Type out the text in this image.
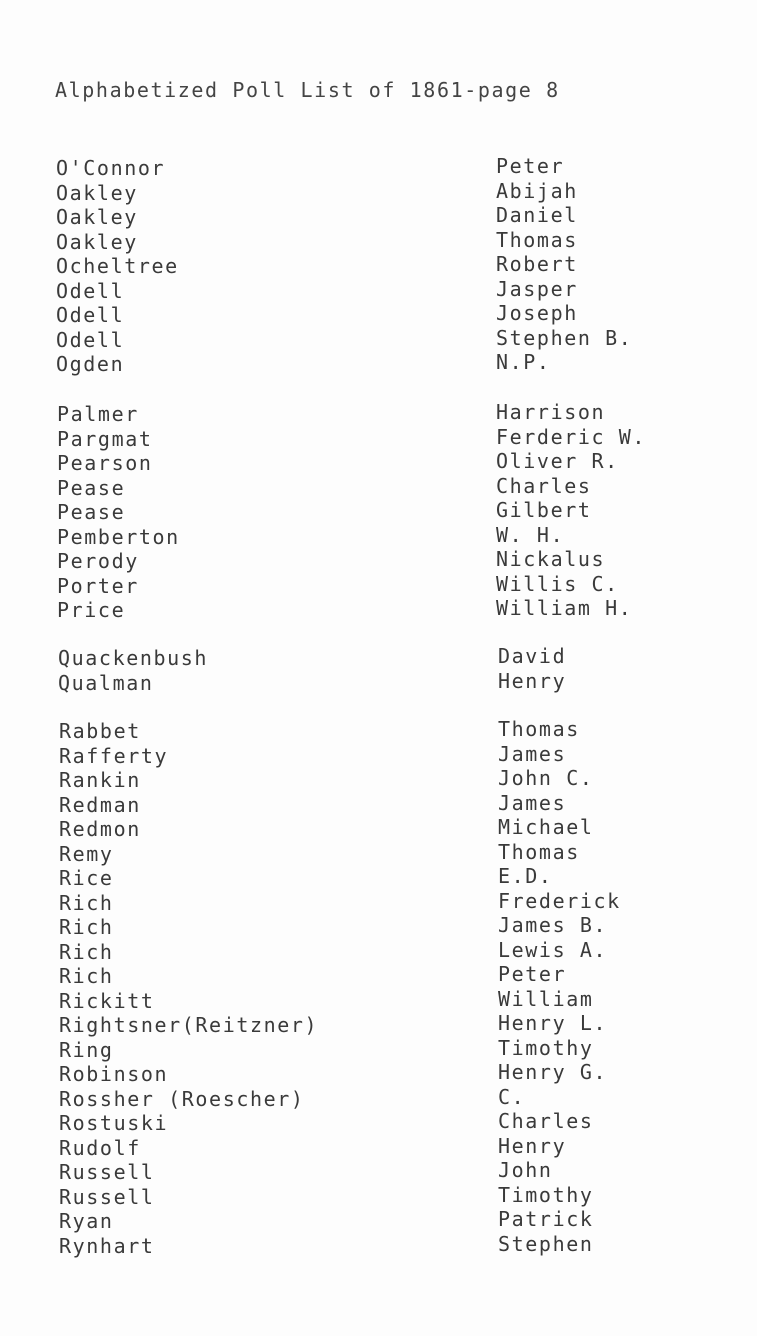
Alphabetized Poll List of 1861-page 8
O'Connor	Peter
Oakley	Abijah
Oakley	Daniel
Oakley	Thomas
Ocheltree	Robert
Odell	Jasper
Odell	Joseph
Odell	Stephen B.
Ogden	N.P.
Palmer	Harrison
Pargmat	Ferderic W.
Pearson	Oliver R.
Pease	Charles
Pease	Gilbert
Pemberton	W. H.
Perody	Nickalus
Porter	Willis C.
Price	William H.
Quackenbush	David
Qualman	Henry
Rabbet	Thomas
Rafferty	James
Rankin	John C.
Redman	James
Redmon	Michael
Remy	Thomas
Rice	E.D.
Rich	Frederick
Rich	James B.
Rich	Lewis A.
Rich	Peter
Rickitt	William
Rightsner(Reitzner)	Henry L.
Ring	Timothy
Robinson	Henry G.
Rossher (Roescher)	C.
Rostuski	Charles
Rudolf	Henry
Russell	John
Russell	Timothy
Ryan	Patrick
Rynhart	Stephen
